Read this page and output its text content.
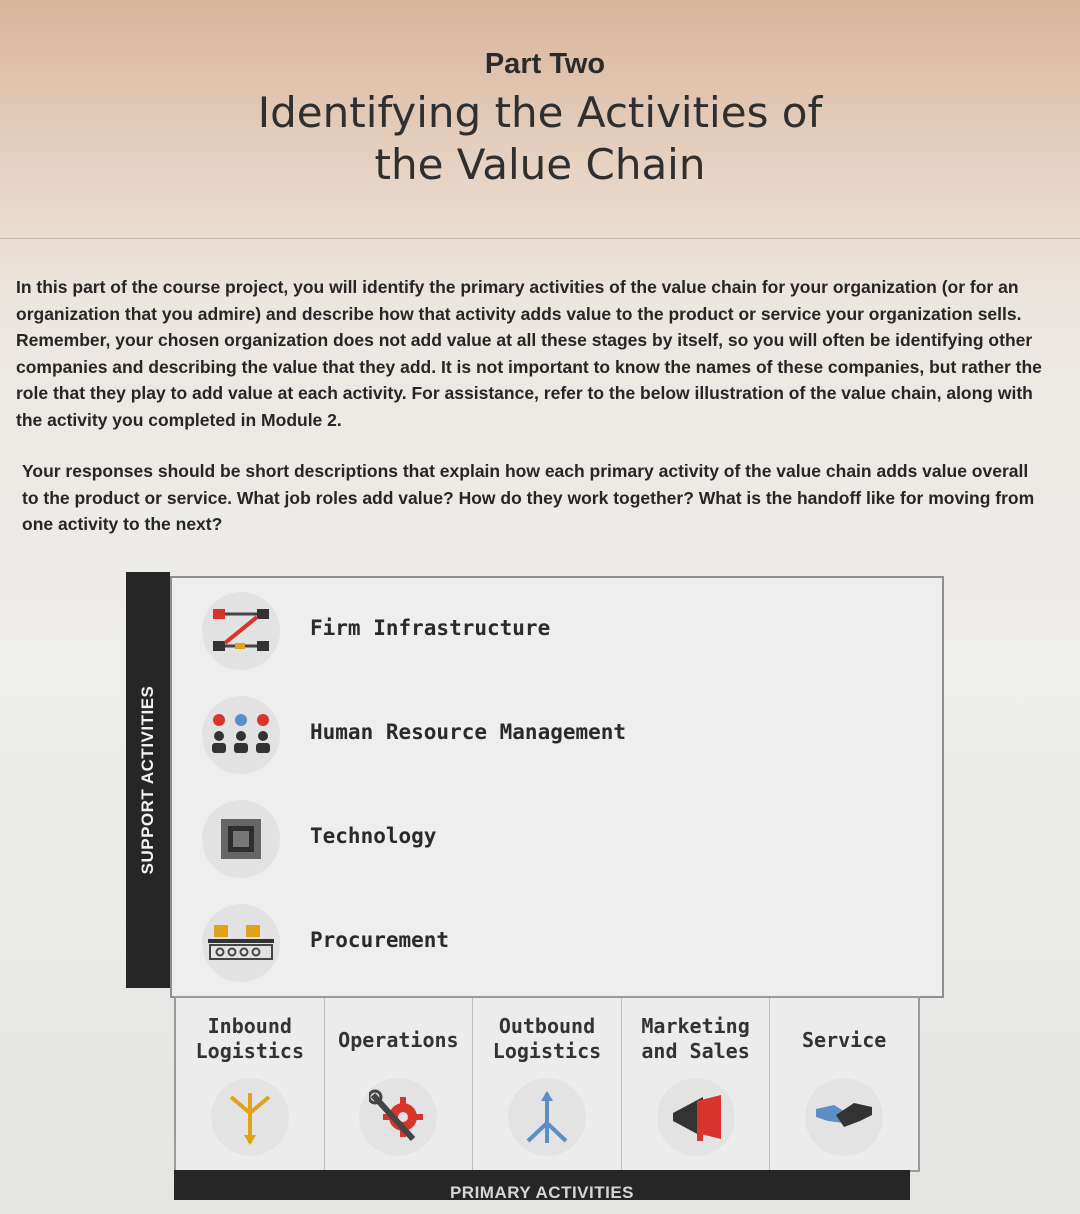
Part Two
Identifying the Activities of
the Value Chain

In this part of the course project, you will identify the primary activities of the value chain for your organization (or for an organization that you admire) and describe how that activity adds value to the product or service your organization sells. Remember, your chosen organization does not add value at all these stages by itself, so you will often be identifying other companies and describing the value that they add. It is not important to know the names of these companies, but rather the role that they play to add value at each activity. For assistance, refer to the below illustration of the value chain, along with the activity you completed in Module 2.

Your responses should be short descriptions that explain how each primary activity of the value chain adds value overall to the product or service. What job roles add value? How do they work together? What is the handoff like for moving from one activity to the next?

SUPPORT ACTIVITIES
Firm Infrastructure
Human Resource Management
Technology
Procurement
Inbound
Logistics	Operations
Outbound
Logistics
Marketing
and Sales	Service
PRIMARY ACTIVITIES
